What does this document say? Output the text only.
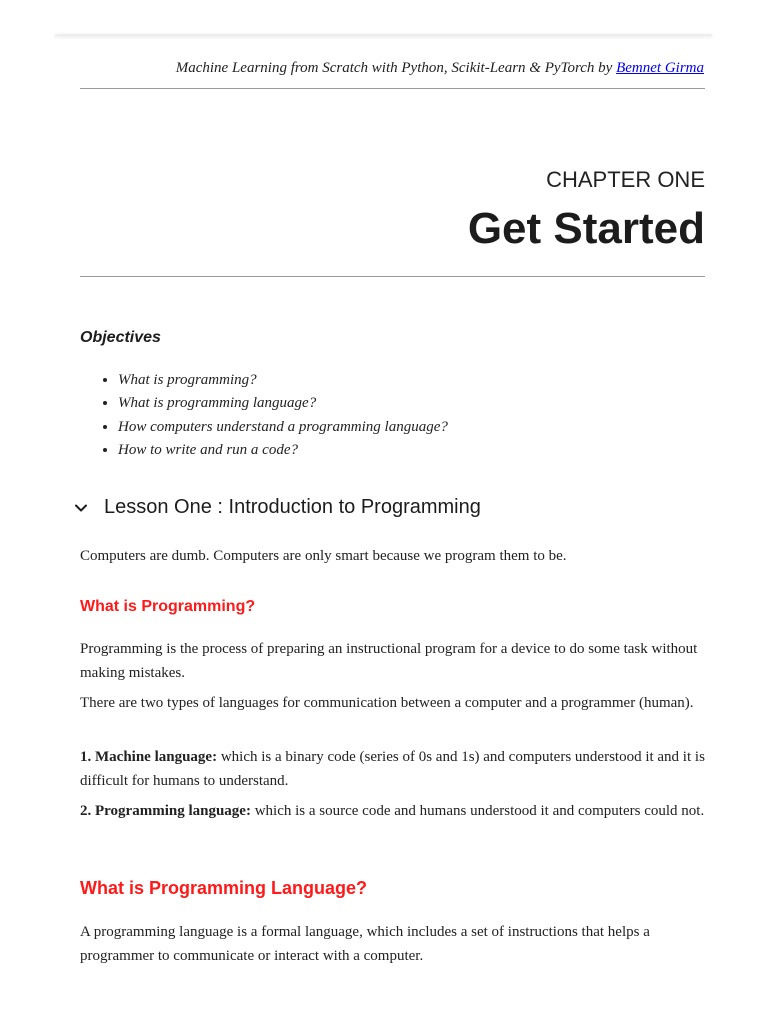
Machine Learning from Scratch with Python, Scikit-Learn & PyTorch by Bemnet Girma
CHAPTER ONE
Get Started
Objectives
• What is programming?
• What is programming language?
• How computers understand a programming language?
• How to write and run a code?
Lesson One : Introduction to Programming

Computers are dumb. Computers are only smart because we program them to be.

What is Programming?

Programming is the process of preparing an instructional program for a device to do some task without making mistakes.

There are two types of languages for communication between a computer and a programmer (human).

1. Machine language: which is a binary code (series of 0s and 1s) and computers understood it and it is difficult for humans to understand.

2. Programming language: which is a source code and humans understood it and computers could not.

What is Programming Language?

A programming language is a formal language, which includes a set of instructions that helps a programmer to communicate or interact with a computer.
